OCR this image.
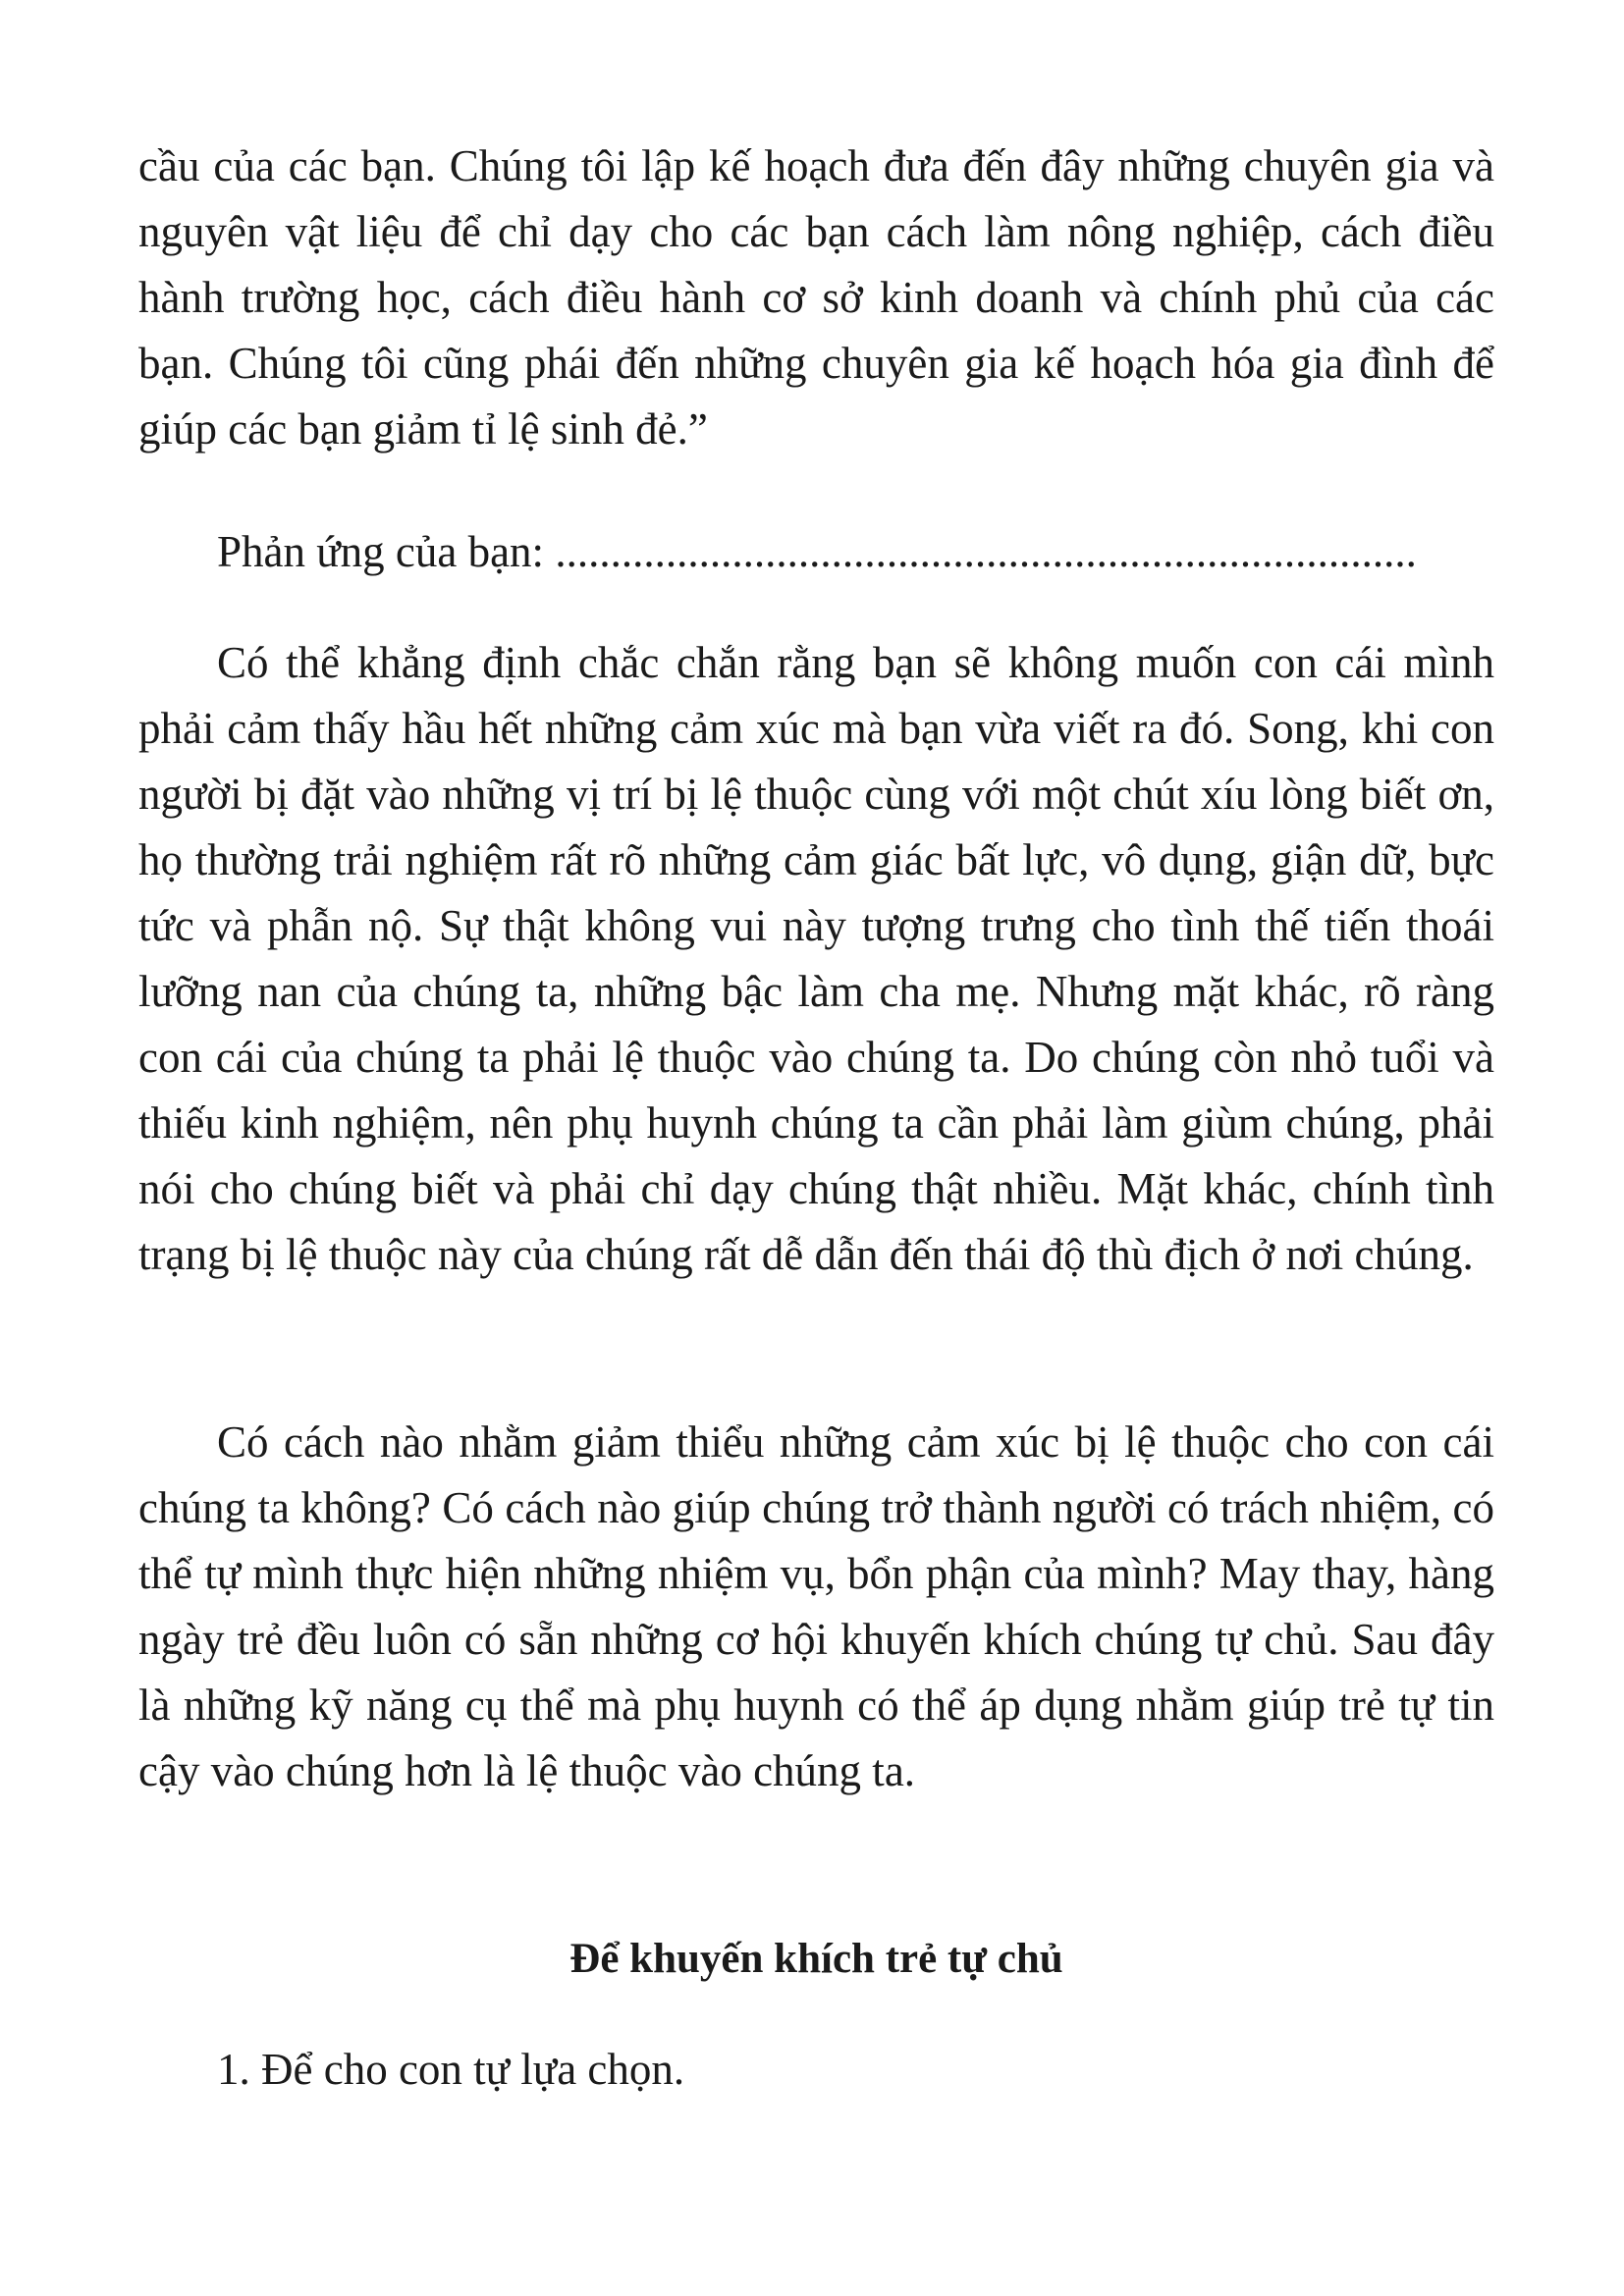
cầu của các bạn. Chúng tôi lập kế hoạch đưa đến đây những chuyên gia và nguyên vật liệu để chỉ dạy cho các bạn cách làm nông nghiệp, cách điều hành trường học, cách điều hành cơ sở kinh doanh và chính phủ của các bạn. Chúng tôi cũng phái đến những chuyên gia kế hoạch hóa gia đình để giúp các bạn giảm tỉ lệ sinh đẻ.”

Phản ứng của bạn: ..............................................................................

Có thể khẳng định chắc chắn rằng bạn sẽ không muốn con cái mình phải cảm thấy hầu hết những cảm xúc mà bạn vừa viết ra đó. Song, khi con người bị đặt vào những vị trí bị lệ thuộc cùng với một chút xíu lòng biết ơn, họ thường trải nghiệm rất rõ những cảm giác bất lực, vô dụng, giận dữ, bực tức và phẫn nộ. Sự thật không vui này tượng trưng cho tình thế tiến thoái lưỡng nan của chúng ta, những bậc làm cha mẹ. Nhưng mặt khác, rõ ràng con cái của chúng ta phải lệ thuộc vào chúng ta. Do chúng còn nhỏ tuổi và thiếu kinh nghiệm, nên phụ huynh chúng ta cần phải làm giùm chúng, phải nói cho chúng biết và phải chỉ dạy chúng thật nhiều. Mặt khác, chính tình trạng bị lệ thuộc này của chúng rất dễ dẫn đến thái độ thù địch ở nơi chúng.

Có cách nào nhằm giảm thiểu những cảm xúc bị lệ thuộc cho con cái chúng ta không? Có cách nào giúp chúng trở thành người có trách nhiệm, có thể tự mình thực hiện những nhiệm vụ, bổn phận của mình? May thay, hàng ngày trẻ đều luôn có sẵn những cơ hội khuyến khích chúng tự chủ. Sau đây là những kỹ năng cụ thể mà phụ huynh có thể áp dụng nhằm giúp trẻ tự tin cậy vào chúng hơn là lệ thuộc vào chúng ta.

Để khuyến khích trẻ tự chủ

1. Để cho con tự lựa chọn.
